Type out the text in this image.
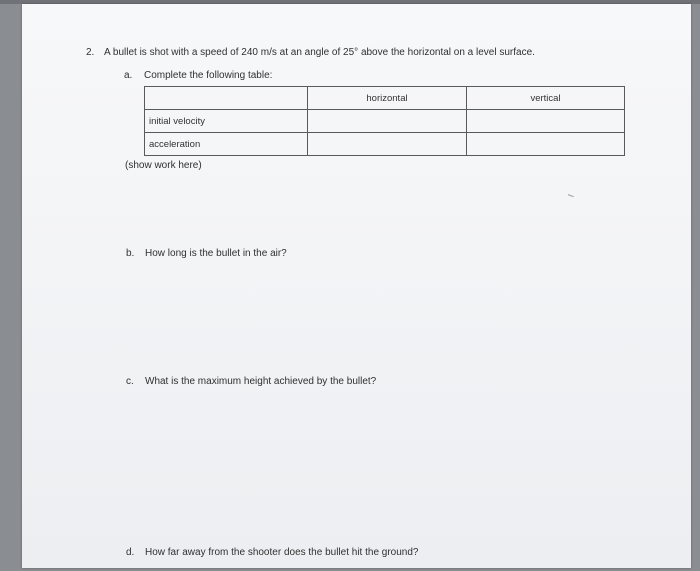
2. A bullet is shot with a speed of 240 m/s at an angle of 25° above the horizontal on a level surface.
a. Complete the following table:
	horizontal	vertical
initial velocity		
acceleration		
(show work here)
b. How long is the bullet in the air?
c. What is the maximum height achieved by the bullet?
d. How far away from the shooter does the bullet hit the ground?
